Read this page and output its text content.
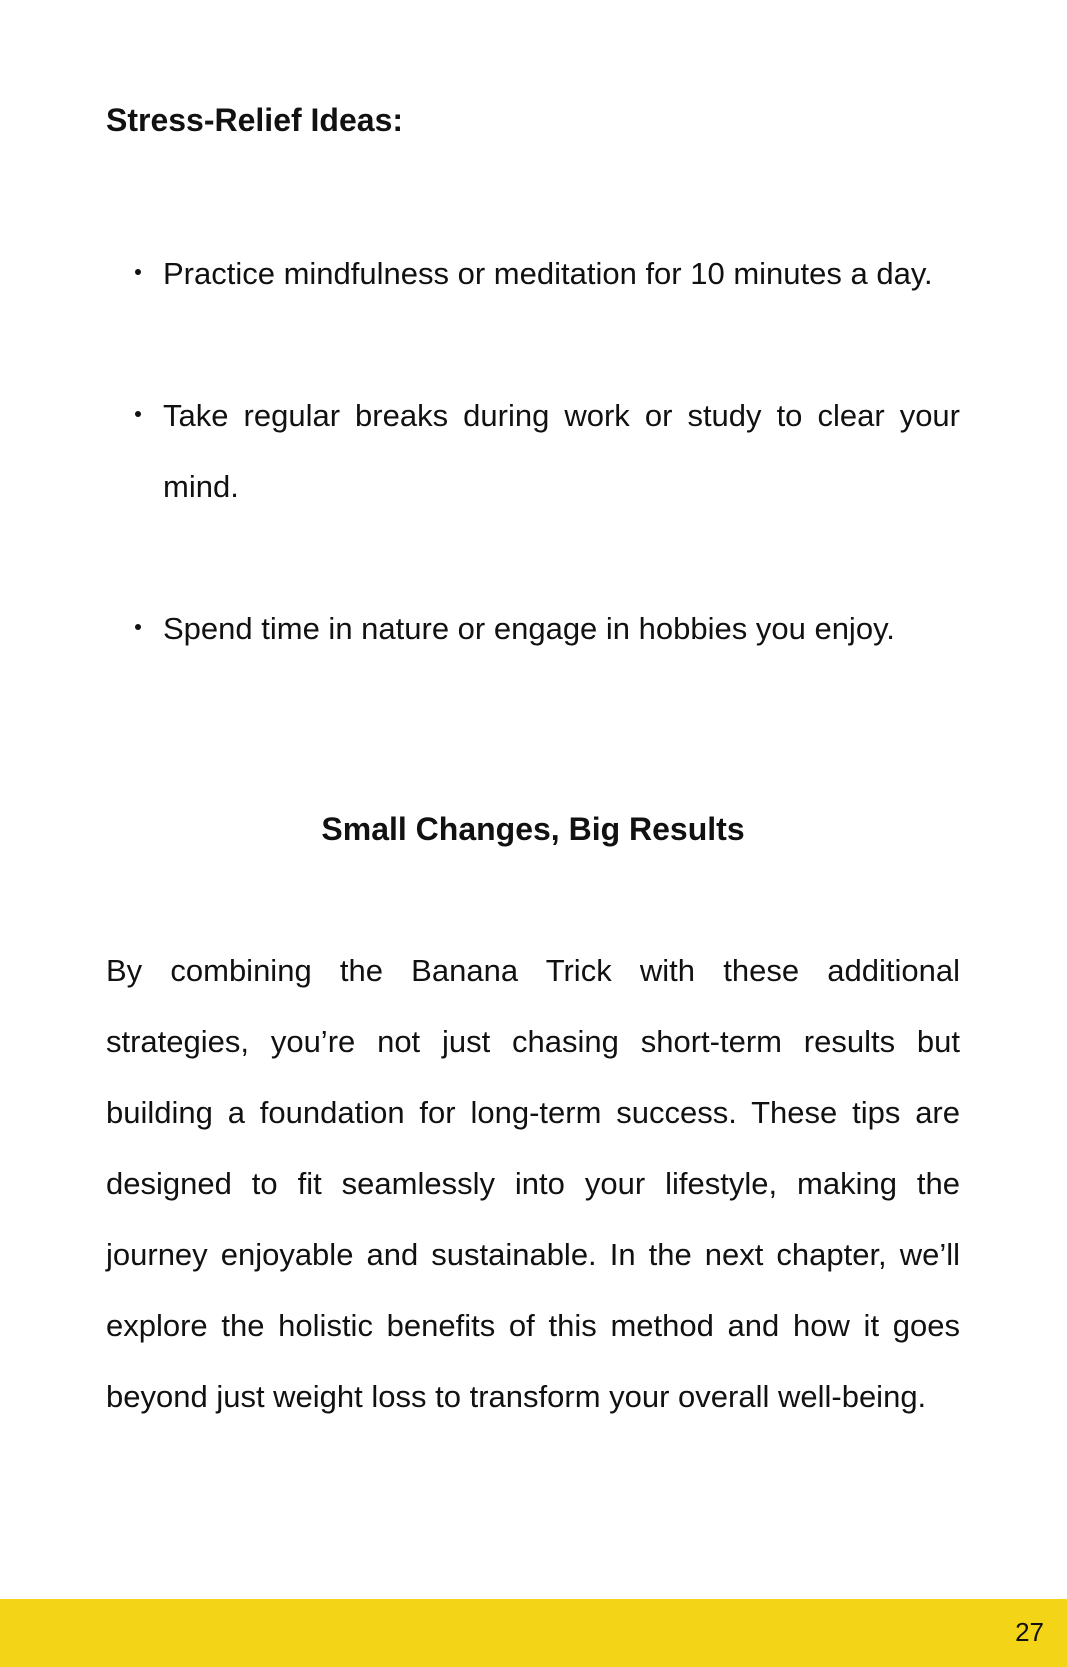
Stress-Relief Ideas:
Practice mindfulness or meditation for 10 minutes a day.
Take regular breaks during work or study to clear your mind.
Spend time in nature or engage in hobbies you enjoy.
Small Changes, Big Results

By combining the Banana Trick with these additional strategies, you’re not just chasing short-term results but building a foundation for long-term success. These tips are designed to fit seamlessly into your lifestyle, making the journey enjoyable and sustainable. In the next chapter, we’ll explore the holistic benefits of this method and how it goes beyond just weight loss to transform your overall well-being.

27
